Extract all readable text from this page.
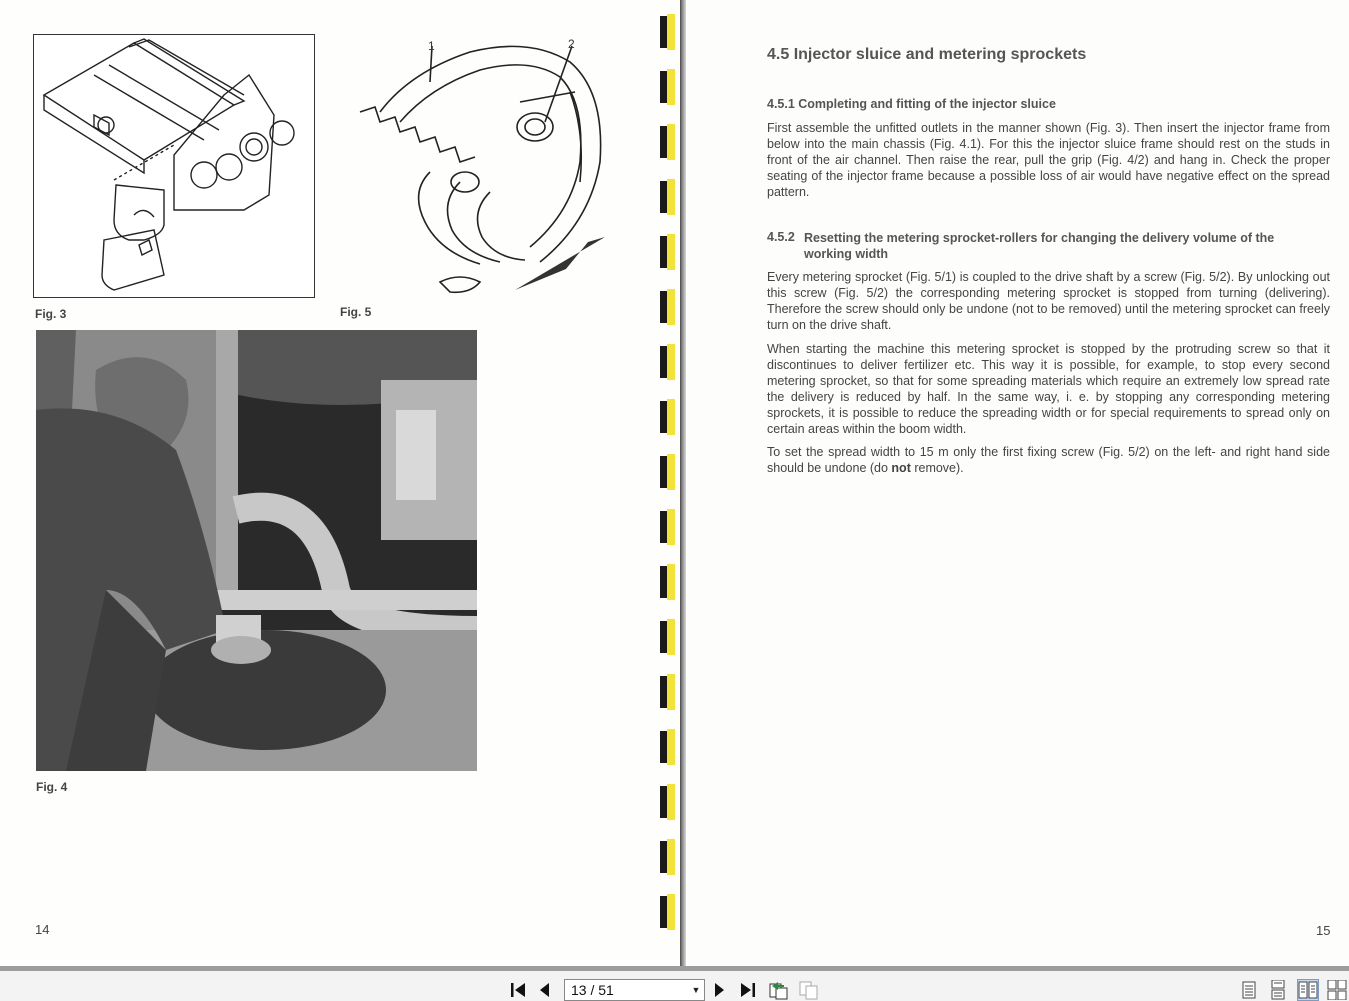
Fig. 3
1	2
Fig. 5
Fig. 4
14
4.5 Injector sluice and metering sprockets
4.5.1 Completing and fitting of the injector sluice
First assemble the unfitted outlets in the manner shown (Fig. 3). Then insert the injector frame from below into the main chassis (Fig. 4.1). For this the injector sluice frame should rest on the studs in front of the air channel. Then raise the rear, pull the grip (Fig. 4/2) and hang in. Check the proper seating of the injector frame because a possible loss of air would have negative effect on the spread pattern.
4.5.2 Resetting the metering sprocket-rollers for changing the delivery volume of the working width
Every metering sprocket (Fig. 5/1) is coupled to the drive shaft by a screw (Fig. 5/2). By unlocking out this screw (Fig. 5/2) the corresponding metering sprocket is stopped from turning (delivering). Therefore the screw should only be undone (not to be removed) until the metering sprocket can freely turn on the drive shaft.
When starting the machine this metering sprocket is stopped by the protruding screw so that it discontinues to deliver fertilizer etc. This way it is possible, for example, to stop every second metering sprocket, so that for some spreading materials which require an extremely low spread rate the delivery is reduced by half. In the same way, i. e. by stopping any corresponding metering sprockets, it is possible to reduce the spreading width or for special requirements to spread only on certain areas within the boom width.
To set the spread width to 15 m only the first fixing screw (Fig. 5/2) on the left- and right hand side should be undone (do not remove).
15
13 / 51	▼
